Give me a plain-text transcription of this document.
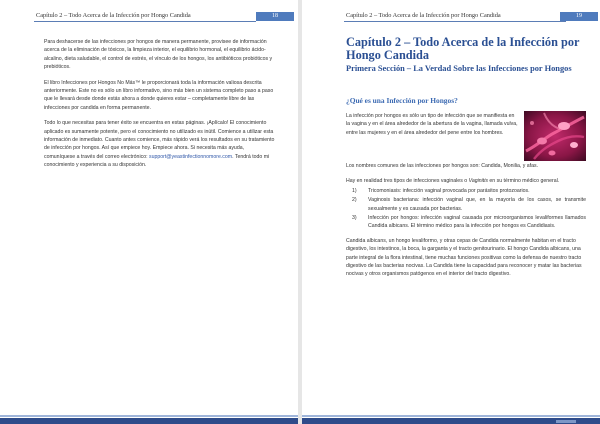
Capítulo 2 – Todo Acerca de la Infección por Hongo Candida	18

Para deshacerse de las infecciones por hongos de manera permanente, provisee de información acerca de la eliminación de tóxicos, la limpieza interior, el equilibrio hormonal, el equilibrio ácido-alcalino, dieta saludable, el control de estrés, el vínculo de los hongos, los antibióticos probióticos y prebióticos.

El libro Infecciones por Hongos No Más™ le proporcionará toda la información valiosa descrita anteriormente. Este no es sólo un libro informativo, sino más bien un sistema completo paso a paso que le llevará desde donde estás ahora a donde quieres estar – completamente libre de las infecciones por candida en forma permanente.

Todo lo que necesitas para tener éxito se encuentra en estas páginas. ¡Aplícalo! El conocimiento aplicado es sumamente potente, pero el conocimiento no utilizado es inútil. Comience a utilizar esta información de inmediato. Cuanto antes comience, más rápido verá los resultados en su tratamiento de infección por hongos. Así que empiece hoy. Empiece ahora. Si necesita más ayuda, comuníquese a través del correo electrónico: support@yeastinfectionnomore.com. Tendrá todo mi conocimiento y experiencia a su disposición.

Capítulo 2 – Todo Acerca de la Infección por Hongo Candida	19
Capítulo 2 – Todo Acerca de la Infección por Hongo Candida
Primera Sección – La Verdad Sobre las Infecciones por Hongos
¿Qué es una Infección por Hongos?

La infección por hongos es sólo un tipo de infección que se manifiesta en la vagina y en el área alrededor de la abertura de la vagina, llamada vulva, entre las mujeres y en el área alrededor del pene entre los hombres.

Los nombres comunes de las infecciones por hongos son: Candida, Monilia, y afas.

Hay en realidad tres tipos de infecciones vaginales o Vaginitis en su término médico general.

1) Tricomoniasis: infección vaginal provocada por parásitos protozoarios.
2) Vaginosis bacteriana: infección vaginal que, en la mayoría de los casos, se transmite sexualmente y es causada por bacterias.
3) Infección por hongos: infección vaginal causada por microorganismos levaliformes llamados Candida albicans. El término médico para la infección por hongos es Candidiasis.

Candida albicans, un hongo levaliformo, y otras cepas de Candida normalmente habitan en el tracto digestivo, los intestinos, la boca, la garganta y el tracto genitourinario. El hongo Candida albicans, una parte integral de la flora intestinal, tiene muchas funciones positivas como la defensa de nuestro tracto digestivo de las bacterias nocivas. La Candida tiene la capacidad para reconocer y matar las bacterias nocivas y otros organismos patógenos en el interior del tracto digestivo.
